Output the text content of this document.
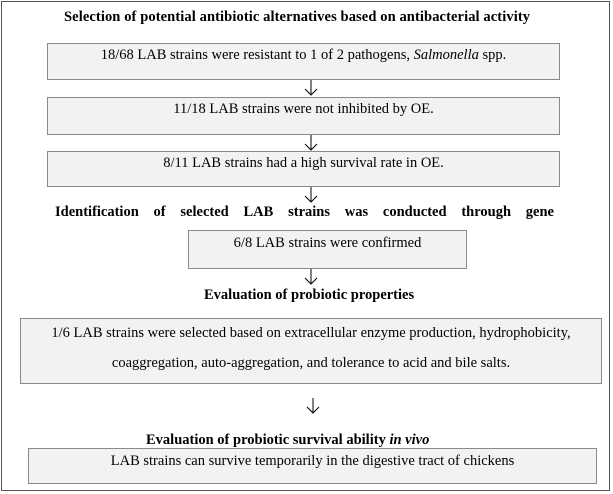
Selection of potential antibiotic alternatives based on antibacterial activity
18/68 LAB strains were resistant to 1 of 2 pathogens, Salmonella spp.
11/18 LAB strains were not inhibited by OE.
8/11 LAB strains had a high survival rate in OE.
Identification of selected LAB strains was conducted through gene
6/8 LAB strains were confirmed
Evaluation of probiotic properties
1/6 LAB strains were selected based on extracellular enzyme production, hydrophobicity,
coaggregation, auto-aggregation, and tolerance to acid and bile salts.
Evaluation of probiotic survival ability in vivo
LAB strains can survive temporarily in the digestive tract of chickens
